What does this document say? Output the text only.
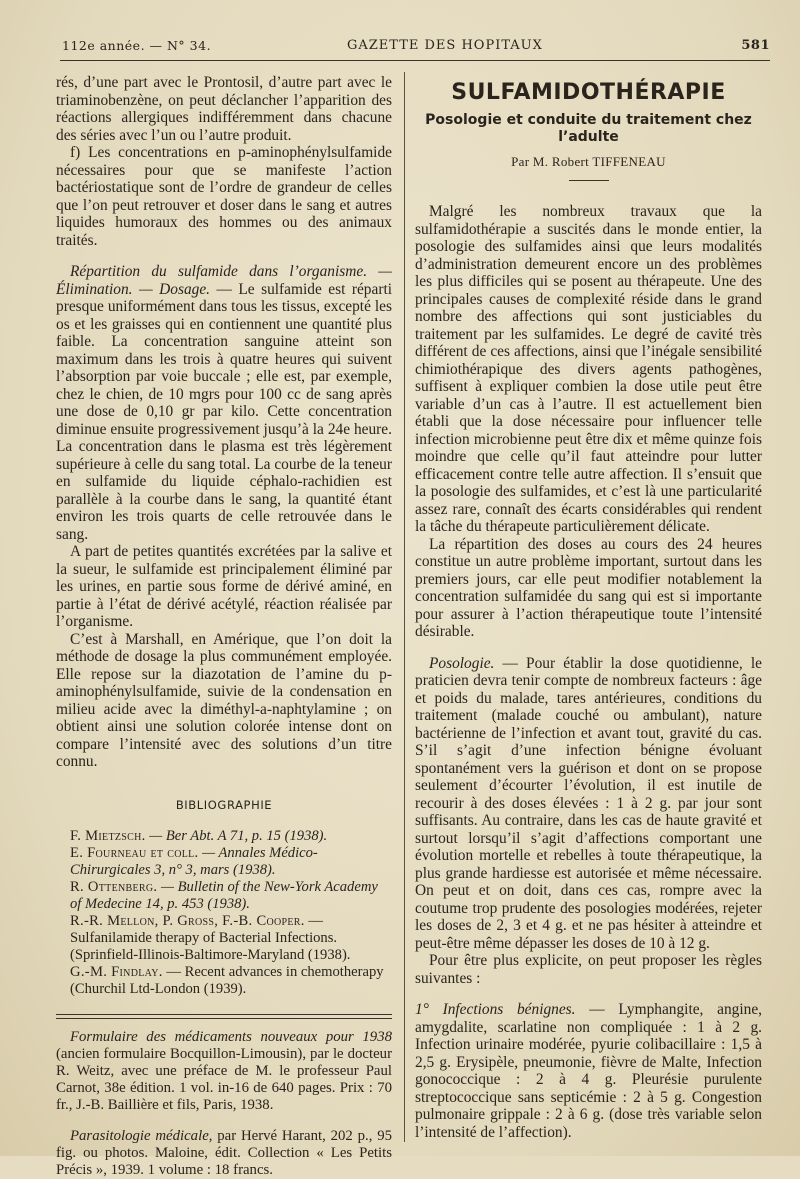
112e année. — N° 34.	GAZETTE DES HOPITAUX	581

rés, d’une part avec le Prontosil, d’autre part avec le triaminobenzène, on peut déclancher l’apparition des réactions allergiques indifféremment dans chacune des séries avec l’un ou l’autre produit.

f) Les concentrations en p-aminophénylsulfamide nécessaires pour que se manifeste l’action bactériostatique sont de l’ordre de grandeur de celles que l’on peut retrouver et doser dans le sang et autres liquides humoraux des hommes ou des animaux traités.

Répartition du sulfamide dans l’organisme. — Élimination. — Dosage. — Le sulfamide est réparti presque uniformément dans tous les tissus, excepté les os et les graisses qui en contiennent une quantité plus faible. La concentration sanguine atteint son maximum dans les trois à quatre heures qui suivent l’absorption par voie buccale ; elle est, par exemple, chez le chien, de 10 mgrs pour 100 cc de sang après une dose de 0,10 gr par kilo. Cette concentration diminue ensuite progressivement jusqu’à la 24e heure. La concentration dans le plasma est très légèrement supérieure à celle du sang total. La courbe de la teneur en sulfamide du liquide céphalo-rachidien est parallèle à la courbe dans le sang, la quantité étant environ les trois quarts de celle retrouvée dans le sang.

A part de petites quantités excrétées par la salive et la sueur, le sulfamide est principalement éliminé par les urines, en partie sous forme de dérivé aminé, en partie à l’état de dérivé acétylé, réaction réalisée par l’organisme.

C’est à Marshall, en Amérique, que l’on doit la méthode de dosage la plus communément employée. Elle repose sur la diazotation de l’amine du p-aminophénylsulfamide, suivie de la condensation en milieu acide avec la diméthyl-a-naphtylamine ; on obtient ainsi une solution colorée intense dont on compare l’intensité avec des solutions d’un titre connu.

BIBLIOGRAPHIE

F. Mietzsch. — Ber Abt. A 71, p. 15 (1938).

E. Fourneau et coll. — Annales Médico-Chirurgicales 3, n° 3, mars (1938).

R. Ottenberg. — Bulletin of the New-York Academy of Medecine 14, p. 453 (1938).

R.-R. Mellon, P. Gross, F.-B. Cooper. — Sulfanilamide therapy of Bacterial Infections. (Sprinfield-Illinois-Baltimore-Maryland (1938).

G.-M. Findlay. — Recent advances in chemotherapy (Churchil Ltd-London (1939).

Formulaire des médicaments nouveaux pour 1938 (ancien formulaire Bocquillon-Limousin), par le docteur R. Weitz, avec une préface de M. le professeur Paul Carnot, 38e édition. 1 vol. in-16 de 640 pages. Prix : 70 fr., J.-B. Baillière et fils, Paris, 1938.

Parasitologie médicale, par Hervé Harant, 202 p., 95 fig. ou photos. Maloine, édit. Collection « Les Petits Précis », 1939. 1 volume : 18 francs.

SULFAMIDOTHÉRAPIE
Posologie et conduite du traitement chez l’adulte
Par M. Robert TIFFENEAU

Malgré les nombreux travaux que la sulfamidothérapie a suscités dans le monde entier, la posologie des sulfamides ainsi que leurs modalités d’administration demeurent encore un des problèmes les plus difficiles qui se posent au thérapeute. Une des principales causes de complexité réside dans le grand nombre des affections qui sont justiciables du traitement par les sulfamides. Le degré de cavité très différent de ces affections, ainsi que l’inégale sensibilité chimiothérapique des divers agents pathogènes, suffisent à expliquer combien la dose utile peut être variable d’un cas à l’autre. Il est actuellement bien établi que la dose nécessaire pour influencer telle infection microbienne peut être dix et même quinze fois moindre que celle qu’il faut atteindre pour lutter efficacement contre telle autre affection. Il s’ensuit que la posologie des sulfamides, et c’est là une particularité assez rare, connaît des écarts considérables qui rendent la tâche du thérapeute particulièrement délicate.

La répartition des doses au cours des 24 heures constitue un autre problème important, surtout dans les premiers jours, car elle peut modifier notablement la concentration sulfamidée du sang qui est si importante pour assurer à l’action thérapeutique toute l’intensité désirable.

Posologie. — Pour établir la dose quotidienne, le praticien devra tenir compte de nombreux facteurs : âge et poids du malade, tares antérieures, conditions du traitement (malade couché ou ambulant), nature bactérienne de l’infection et avant tout, gravité du cas. S’il s’agit d’une infection bénigne évoluant spontanément vers la guérison et dont on se propose seulement d’écourter l’évolution, il est inutile de recourir à des doses élevées : 1 à 2 g. par jour sont suffisants. Au contraire, dans les cas de haute gravité et surtout lorsqu’il s’agit d’affections comportant une évolution mortelle et rebelles à toute thérapeutique, la plus grande hardiesse est autorisée et même nécessaire. On peut et on doit, dans ces cas, rompre avec la coutume trop prudente des posologies modérées, rejeter les doses de 2, 3 et 4 g. et ne pas hésiter à atteindre et peut-être même dépasser les doses de 10 à 12 g.

Pour être plus explicite, on peut proposer les règles suivantes :

1° Infections bénignes. — Lymphangite, angine, amygdalite, scarlatine non compliquée : 1 à 2 g. Infection urinaire modérée, pyurie colibacillaire : 1,5 à 2,5 g. Erysipèle, pneumonie, fièvre de Malte, Infection gonococcique : 2 à 4 g. Pleurésie purulente streptococcique sans septicémie : 2 à 5 g. Congestion pulmonaire grippale : 2 à 6 g. (dose très variable selon l’intensité de l’affection).
